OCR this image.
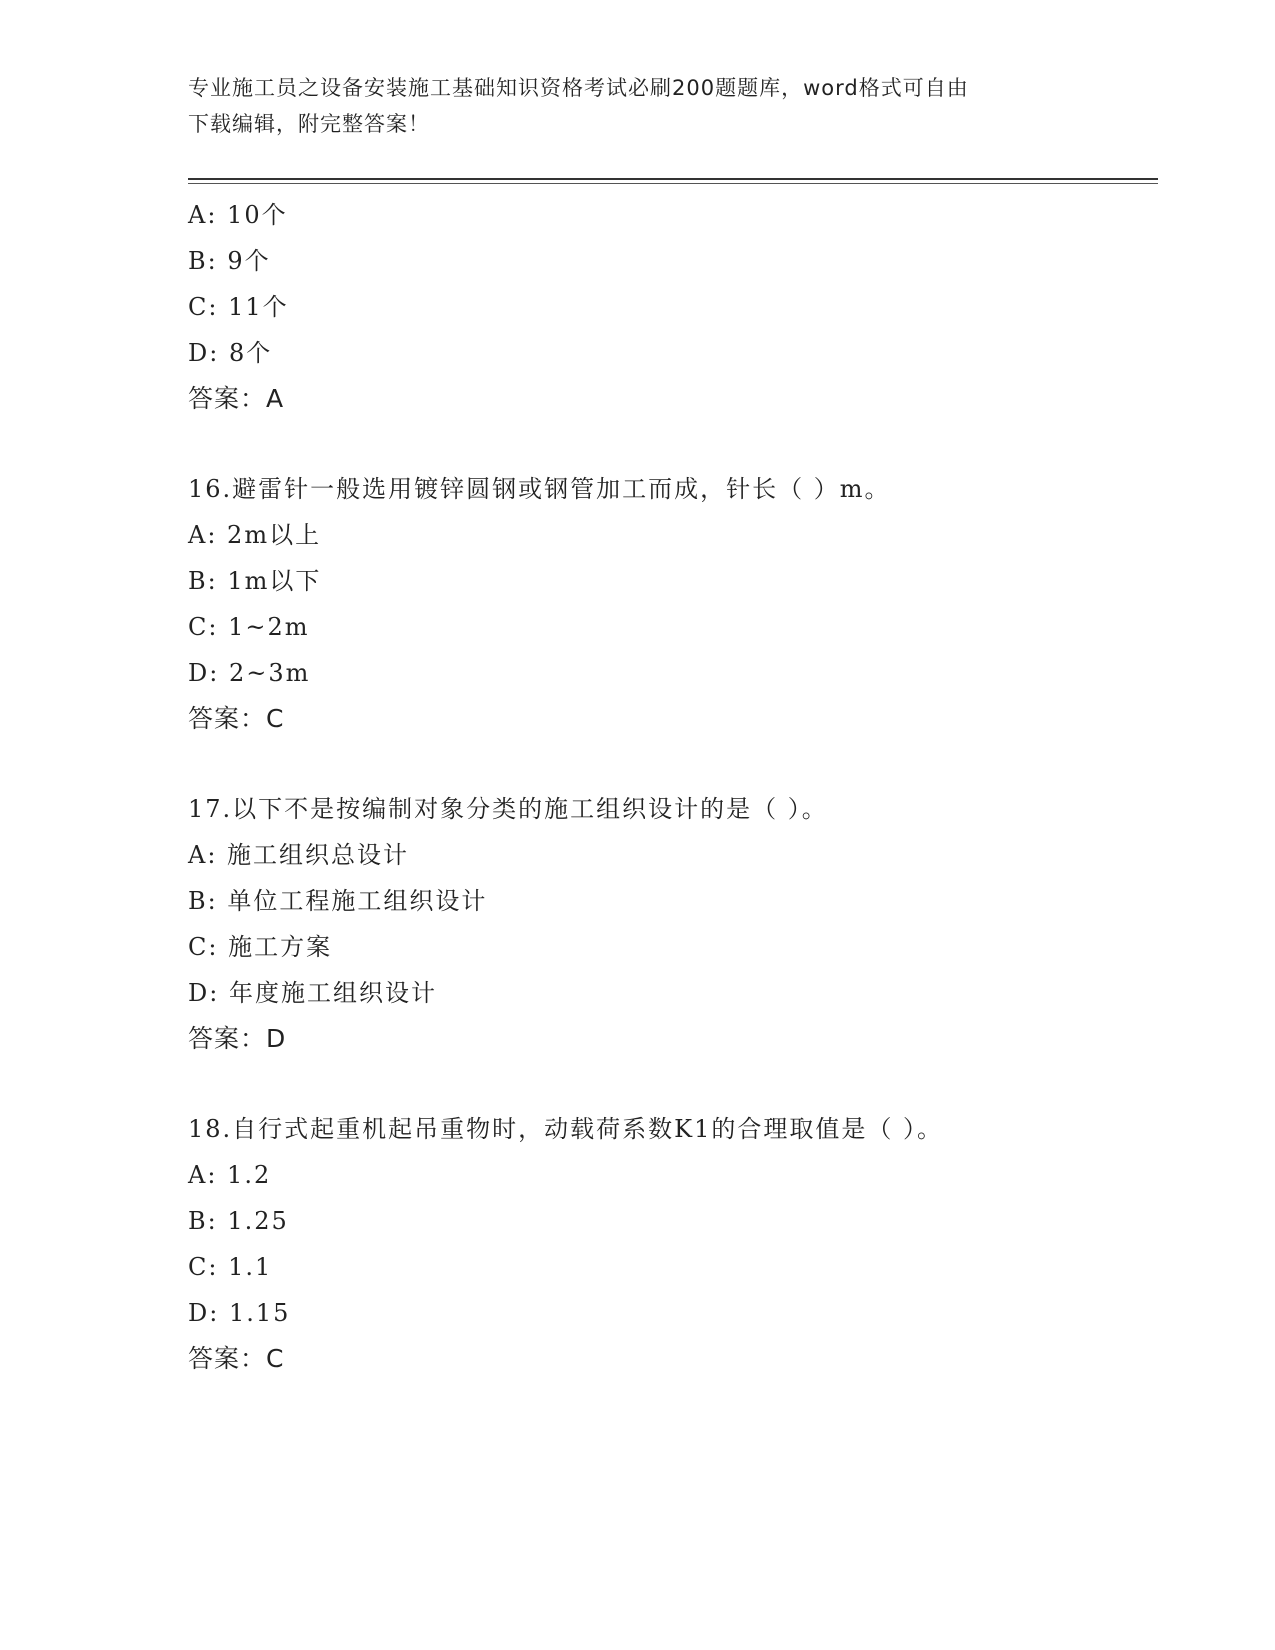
专业施工员之设备安装施工基础知识资格考试必刷200题题库，word格式可自由
下载编辑，附完整答案！
A: 10个
B: 9个
C: 11个
D: 8个
答案：A
16.避雷针一般选用镀锌圆钢或钢管加工而成，针长（ ）m。
A: 2m以上
B: 1m以下
C: 1~2m
D: 2~3m
答案：C
17.以下不是按编制对象分类的施工组织设计的是（ ）。
A: 施工组织总设计
B: 单位工程施工组织设计
C: 施工方案
D: 年度施工组织设计
答案：D
18.自行式起重机起吊重物时，动载荷系数K1的合理取值是（ ）。
A: 1.2
B: 1.25
C: 1.1
D: 1.15
答案：C
